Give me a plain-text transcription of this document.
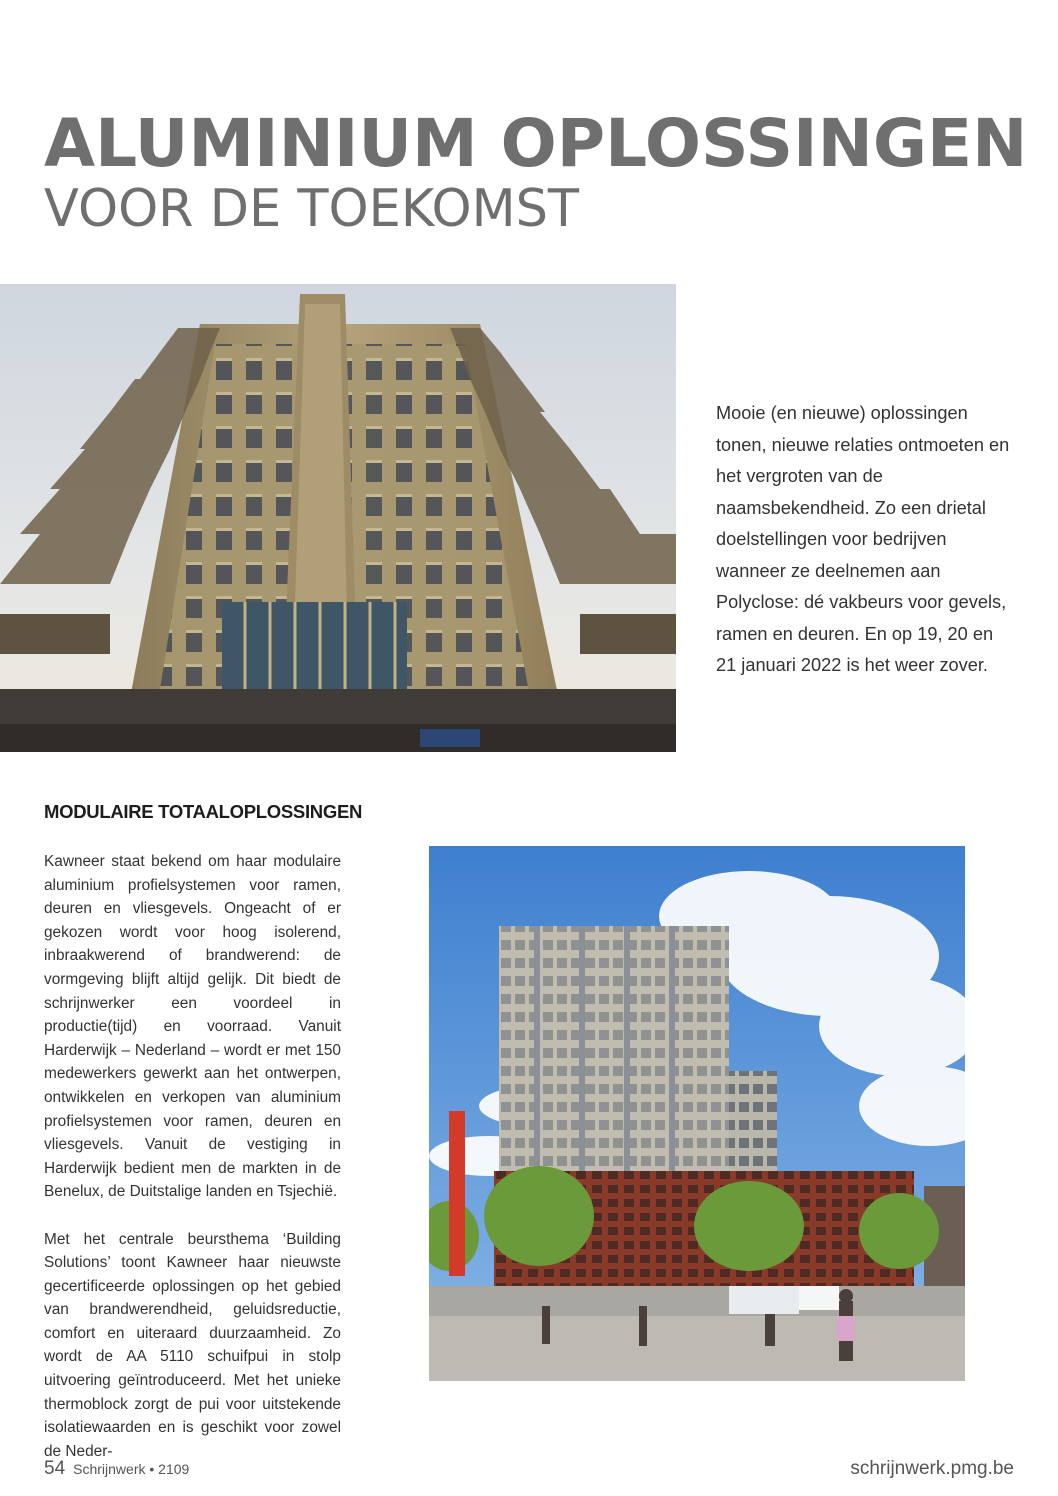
ALUMINIUM OPLOSSINGEN
VOOR DE TOEKOMST

Mooie (en nieuwe) oplossingen tonen, nieuwe relaties ontmoeten en het vergroten van de naamsbekendheid. Zo een drietal doelstellingen voor bedrijven wanneer ze deelnemen aan Polyclose: dé vakbeurs voor gevels, ramen en deuren. En op 19, 20 en 21 januari 2022 is het weer zover.

MODULAIRE TOTAALOPLOSSINGEN

Kawneer staat bekend om haar modulaire aluminium profielsystemen voor ramen, deuren en vliesgevels. Ongeacht of er gekozen wordt voor hoog isolerend, inbraakwerend of brandwerend: de vormgeving blijft altijd gelijk. Dit biedt de schrijnwerker een voordeel in productie(tijd) en voorraad. Vanuit Harderwijk – Nederland – wordt er met 150 medewerkers gewerkt aan het ontwerpen, ontwikkelen en verkopen van aluminium profielsystemen voor ramen, deuren en vliesgevels. Vanuit de vestiging in Harderwijk bedient men de markten in de Benelux, de Duitstalige landen en Tsjechië.

Met het centrale beursthema ‘Building Solutions’ toont Kawneer haar nieuwste gecertificeerde oplossingen op het gebied van brandwerendheid, geluidsreductie, comfort en uiteraard duurzaamheid. Zo wordt de AA 5110 schuifpui in stolp uitvoering geïntroduceerd. Met het unieke thermoblock zorgt de pui voor uitstekende isolatiewaarden en is geschikt voor zowel de Neder-

54 Schrijnwerk • 2109	schrijnwerk.pmg.be
